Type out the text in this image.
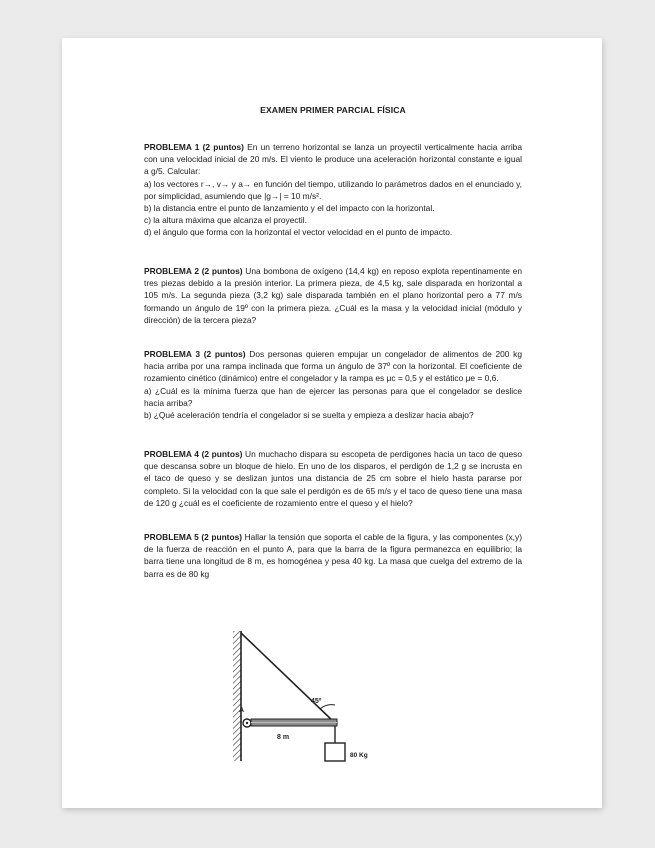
EXAMEN PRIMER PARCIAL FÍSICA

PROBLEMA 1 (2 puntos) En un terreno horizontal se lanza un proyectil verticalmente hacia arriba con una velocidad inicial de 20 m/s. El viento le produce una aceleración horizontal constante e igual a g/5. Calcular:

a) los vectores r→, v→ y a→ en función del tiempo, utilizando lo parámetros dados en el enunciado y, por simplicidad, asumiendo que |g→| = 10 m/s².

b) la distancia entre el punto de lanzamiento y el del impacto con la horizontal.

c) la altura máxima que alcanza el proyectil.

d) el ángulo que forma con la horizontal el vector velocidad en el punto de impacto.

PROBLEMA 2 (2 puntos) Una bombona de oxígeno (14,4 kg) en reposo explota repentinamente en tres piezas debido a la presión interior. La primera pieza, de 4,5 kg, sale disparada en horizontal a 105 m/s. La segunda pieza (3,2 kg) sale disparada también en el plano horizontal pero a 77 m/s formando un ángulo de 19º con la primera pieza. ¿Cuál es la masa y la velocidad inicial (módulo y dirección) de la tercera pieza?

PROBLEMA 3 (2 puntos) Dos personas quieren empujar un congelador de alimentos de 200 kg hacia arriba por una rampa inclinada que forma un ángulo de 37º con la horizontal. El coeficiente de rozamiento cinético (dinámico) entre el congelador y la rampa es μc = 0,5 y el estático μe = 0,6.

a) ¿Cuál es la mínima fuerza que han de ejercer las personas para que el congelador se deslice hacia arriba?

b) ¿Qué aceleración tendría el congelador si se suelta y empieza a deslizar hacia abajo?

PROBLEMA 4 (2 puntos) Un muchacho dispara su escopeta de perdigones hacia un taco de queso que descansa sobre un bloque de hielo. En uno de los disparos, el perdigón de 1,2 g se incrusta en el taco de queso y se deslizan juntos una distancia de 25 cm sobre el hielo hasta pararse por completo. Si la velocidad con la que sale el perdigón es de 65 m/s y el taco de queso tiene una masa de 120 g ¿cuál es el coeficiente de rozamiento entre el queso y el hielo?

PROBLEMA 5 (2 puntos) Hallar la tensión que soporta el cable de la figura, y las componentes (x,y) de la fuerza de reacción en el punto A, para que la barra de la figura permanezca en equilibrio; la barra tiene una longitud de 8 m, es homogénea y pesa 40 kg. La masa que cuelga del extremo de la barra es de 80 kg

45º
A
8 m
80 Kg
